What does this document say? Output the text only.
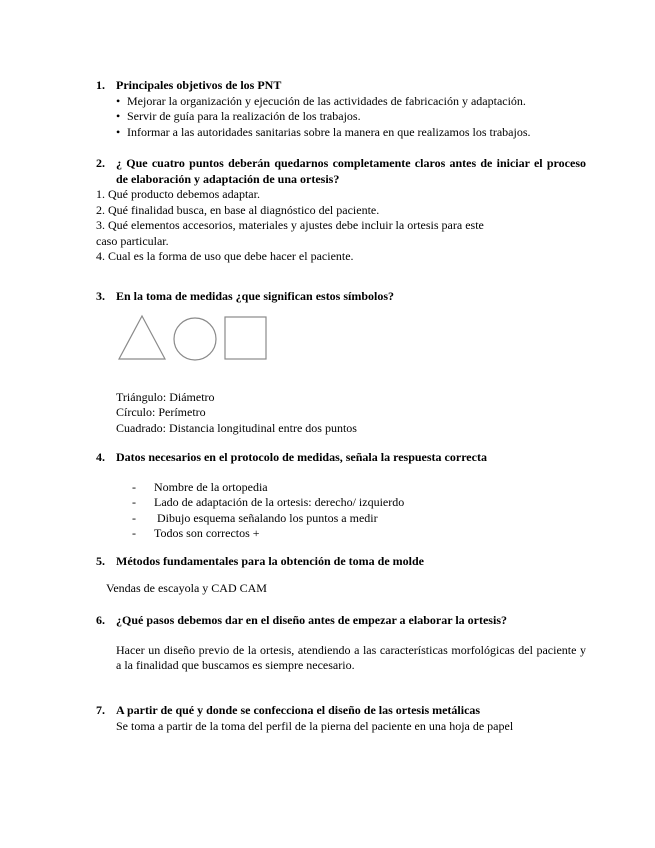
1. Principales objetivos de los PNT
• Mejorar la organización y ejecución de las actividades de fabricación y adaptación.
• Servir de guía para la realización de los trabajos.
• Informar a las autoridades sanitarias sobre la manera en que realizamos los trabajos.
2. ¿ Que cuatro puntos deberán quedarnos completamente claros antes de iniciar el proceso de elaboración y adaptación de una ortesis?
1. Qué producto debemos adaptar.
2. Qué finalidad busca, en base al diagnóstico del paciente.
3. Qué elementos accesorios, materiales y ajustes debe incluir la ortesis para este
caso particular.
4. Cual es la forma de uso que debe hacer el paciente.
3. En la toma de medidas ¿que significan estos símbolos?
Triángulo: Diámetro
Círculo: Perímetro
Cuadrado: Distancia longitudinal entre dos puntos
4. Datos necesarios en el protocolo de medidas, señala la respuesta correcta
-	Nombre de la ortopedia
-	Lado de adaptación de la ortesis: derecho/ izquierdo
-	Dibujo esquema señalando los puntos a medir
-	Todos son correctos +
5. Métodos fundamentales para la obtención de toma de molde
Vendas de escayola y CAD CAM
6. ¿Qué pasos debemos dar en el diseño antes de empezar a elaborar la ortesis?
Hacer un diseño previo de la ortesis, atendiendo a las características morfológicas del paciente y a la finalidad que buscamos es siempre necesario.
7. A partir de qué y donde se confecciona el diseño de las ortesis metálicas
Se toma a partir de la toma del perfil de la pierna del paciente en una hoja de papel
